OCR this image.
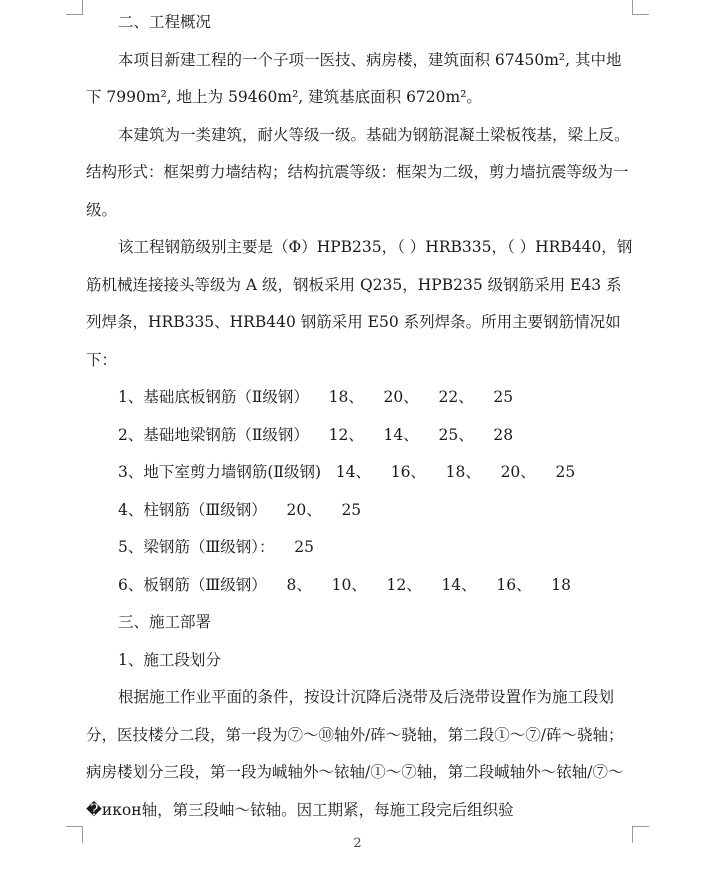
二、工程概况

本项目新建工程的一个子项一医技、病房楼，建筑面积 67450m², 其中地下 7990m², 地上为 59460m², 建筑基底面积 6720m²。

本建筑为一类建筑，耐火等级一级。基础为钢筋混凝土梁板筏基，梁上反。结构形式：框架剪力墙结构；结构抗震等级：框架为二级，剪力墙抗震等级为一级。

该工程钢筋级别主要是（Φ）HPB235，（ ）HRB335，（ ）HRB440，钢筋机械连接接头等级为 A 级，钢板采用 Q235，HPB235 级钢筋采用 E43 系列焊条，HRB335、HRB440 钢筋采用 E50 系列焊条。所用主要钢筋情况如下：

1、基础底板钢筋（Ⅱ级钢）    18、    20、    22、    25

2、基础地梁钢筋（Ⅱ级钢）    12、    14、    25、    28

3、地下室剪力墙钢筋(Ⅱ级钢)   14、    16、    18、    20、    25

4、柱钢筋（Ⅲ级钢）    20、    25

5、梁钢筋（Ⅲ级钢）：    25

6、板钢筋（Ⅲ级钢）    8、    10、    12、    14、    16、    18

三、施工部署

1、施工段划分

根据施工作业平面的条件，按设计沉降后浇带及后浇带设置作为施工段划分，医技楼分二段，第一段为⑦～⑩轴外/砗～骁轴，第二段①～⑦/砗～骁轴；病房楼划分三段，第一段为峸轴外～铱轴/①～⑦轴，第二段峸轴外～铱轴/⑦～�икон轴，第三段岫～铱轴。因工期紧，每施工段完后组织验

2
